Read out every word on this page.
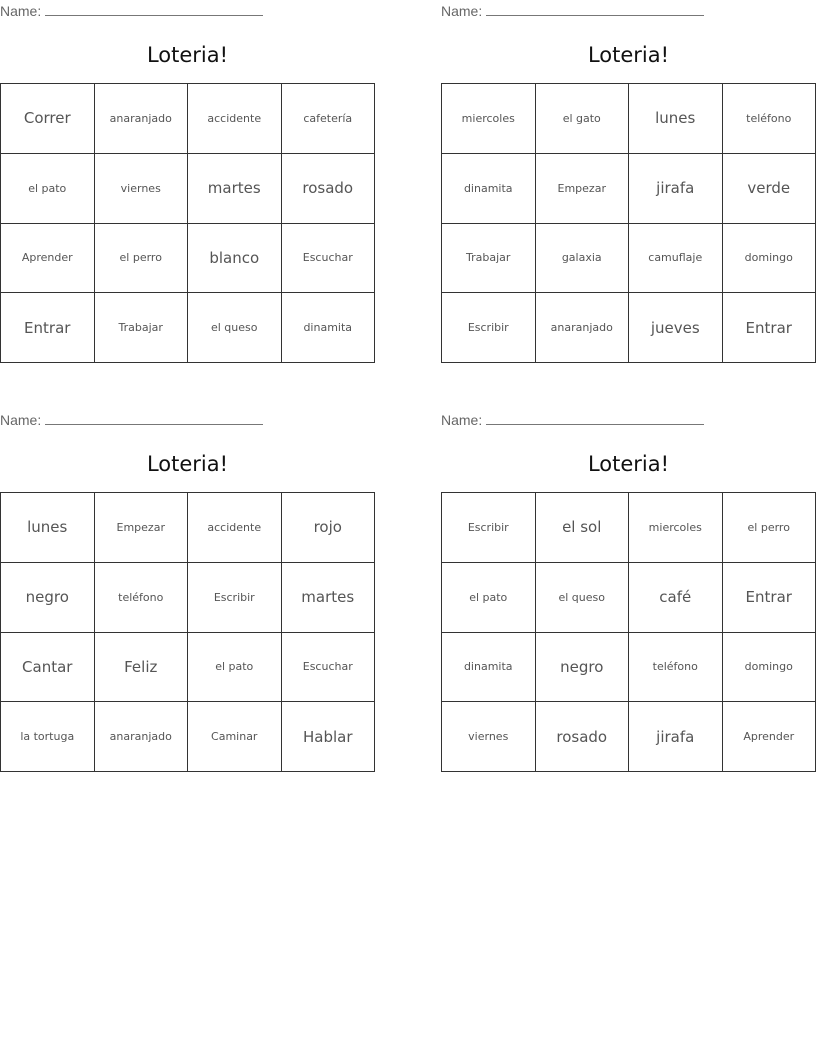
Name:
Loteria!
Correr	anaranjado	accidente	cafetería
el pato	viernes	martes	rosado
Aprender	el perro	blanco	Escuchar
Entrar	Trabajar	el queso	dinamita
Name:
Loteria!
miercoles	el gato	lunes	teléfono
dinamita	Empezar	jirafa	verde
Trabajar	galaxia	camuflaje	domingo
Escribir	anaranjado	jueves	Entrar
Name:
Loteria!
lunes	Empezar	accidente	rojo
negro	teléfono	Escribir	martes
Cantar	Feliz	el pato	Escuchar
la tortuga	anaranjado	Caminar	Hablar
Name:
Loteria!
Escribir	el sol	miercoles	el perro
el pato	el queso	café	Entrar
dinamita	negro	teléfono	domingo
viernes	rosado	jirafa	Aprender
